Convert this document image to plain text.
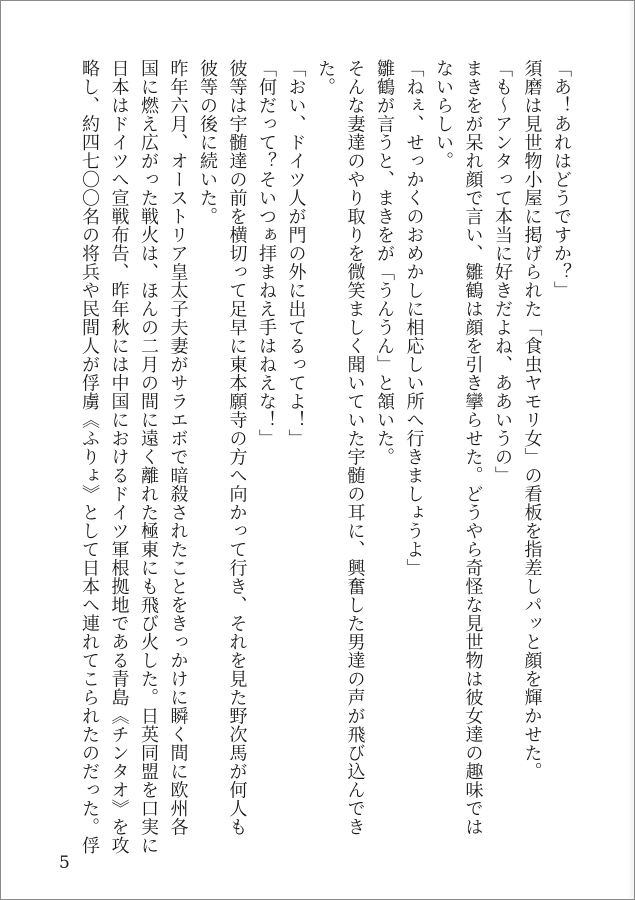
「あ！あれはどうですか？」
須磨は見世物小屋に掲げられた「食虫ヤモリ女」の看板を指差しパッと顔を輝かせた。
「も～アンタって本当に好きだよね、ああいうの」
まきをが呆れ顔で言い、雛鶴は顔を引き攣らせた。どうやら奇怪な見世物は彼女達の趣味では
ないらしい。
「ねぇ、せっかくのおめかしに相応しい所へ行きましょうよ」
雛鶴が言うと、まきをが「うんうん」と頷いた。
そんな妻達のやり取りを微笑ましく聞いていた宇髄の耳に、興奮した男達の声が飛び込んでき
た。
「おい、ドイツ人が門の外に出てるってよ！」
「何だって？そいつぁ拝まねえ手はねえな！」
彼等は宇髄達の前を横切って足早に東本願寺の方へ向かって行き、それを見た野次馬が何人も
彼等の後に続いた。
昨年六月、オーストリア皇太子夫妻がサラエボで暗殺されたことをきっかけに瞬く間に欧州各
国に燃え広がった戦火は、ほんの二月の間に遠く離れた極東にも飛び火した。日英同盟を口実に
日本はドイツへ宣戦布告、昨年秋には中国におけるドイツ軍根拠地である青島《チンタオ》を攻
略し、約四七〇〇名の将兵や民間人が俘虜《ふりょ》として日本へ連れてこられたのだった。俘
5
